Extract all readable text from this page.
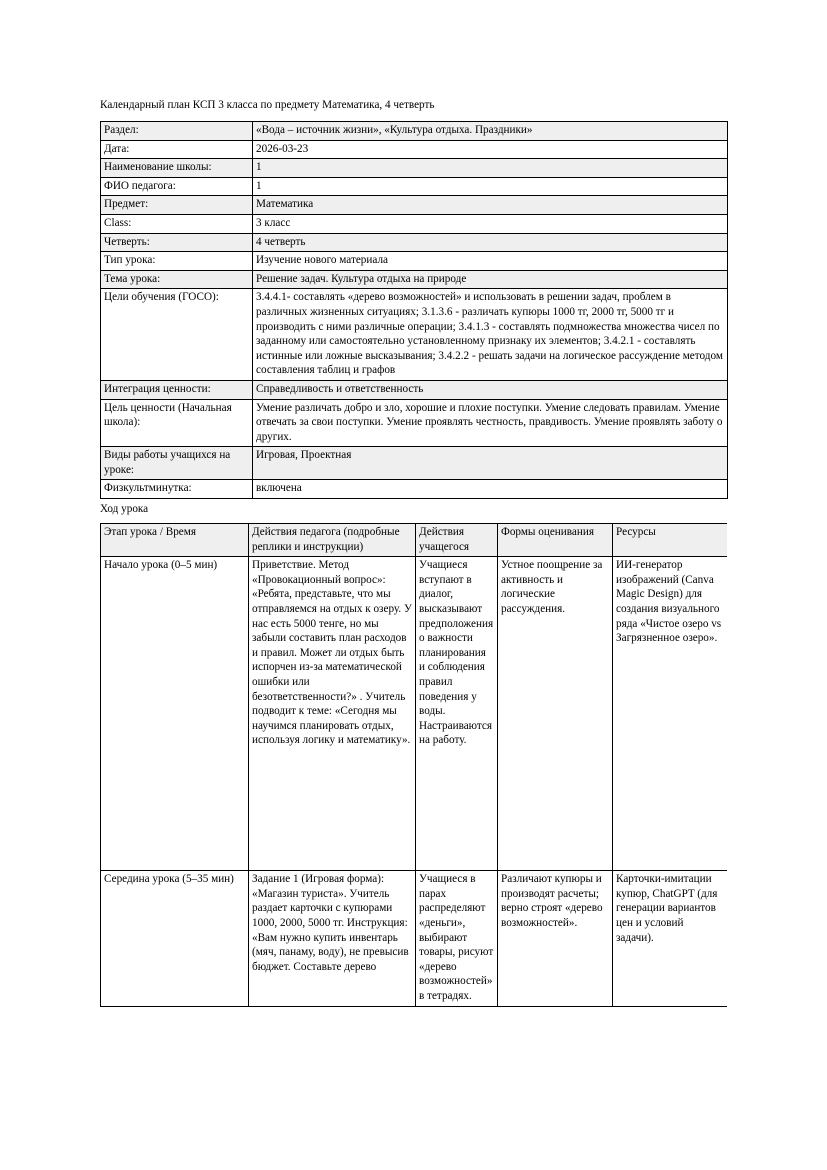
Календарный план КСП 3 класса по предмету Математика, 4 четверть

Раздел:	«Вода – источник жизни», «Культура отдыха. Праздники»
Дата:	2026-03-23
Наименование школы:	1
ФИО педагога:	1
Предмет:	Математика
Class:	3 класс
Четверть:	4 четверть
Тип урока:	Изучение нового материала
Тема урока:	Решение задач. Культура отдыха на природе
Цели обучения (ГОСО):	3.4.4.1- составлять «дерево возможностей» и использовать в решении задач, проблем в различных жизненных ситуациях; 3.1.3.6 - различать купюры 1000 тг, 2000 тг, 5000 тг и производить с ними различные операции; 3.4.1.3 - составлять подмножества множества чисел по заданному или самостоятельно установленному признаку их элементов; 3.4.2.1 - составлять истинные или ложные высказывания; 3.4.2.2 - решать задачи на логическое рассуждение методом составления таблиц и графов
Интеграция ценности:	Справедливость и ответственность
Цель ценности (Начальная школа):	Умение различать добро и зло, хорошие и плохие поступки. Умение следовать правилам. Умение отвечать за свои поступки. Умение проявлять честность, правдивость. Умение проявлять заботу о других.
Виды работы учащихся на уроке:	Игровая, Проектная
Физкультминутка:	включена

Ход урока

Этап урока / Время	Действия педагога (подробные реплики и инструкции)	Действия учащегося	Формы оценивания	Ресурсы
Начало урока (0–5 мин)	Приветствие. Метод «Провокационный вопрос»: «Ребята, представьте, что мы отправляемся на отдых к озеру. У нас есть 5000 тенге, но мы забыли составить план расходов и правил. Может ли отдых быть испорчен из-за математической ошибки или безответственности?» . Учитель подводит к теме: «Сегодня мы научимся планировать отдых, используя логику и математику».	Учащиеся вступают в диалог, высказывают предположения о важности планирования и соблюдения правил поведения у воды. Настраиваются на работу.	Устное поощрение за активность и логические рассуждения.	ИИ-генератор изображений (Canva Magic Design) для создания визуального ряда «Чистое озеро vs Загрязненное озеро».
Середина урока (5–35 мин)	Задание 1 (Игровая форма): «Магазин туриста». Учитель раздает карточки с купюрами 1000, 2000, 5000 тг. Инструкция: «Вам нужно купить инвентарь (мяч, панаму, воду), не превысив бюджет. Составьте дерево	Учащиеся в парах распределяют «деньги», выбирают товары, рисуют «дерево возможностей» в тетрадях.	Различают купюры и производят расчеты; верно строят «дерево возможностей».	Карточки-имитации купюр, ChatGPT (для генерации вариантов цен и условий задачи).
